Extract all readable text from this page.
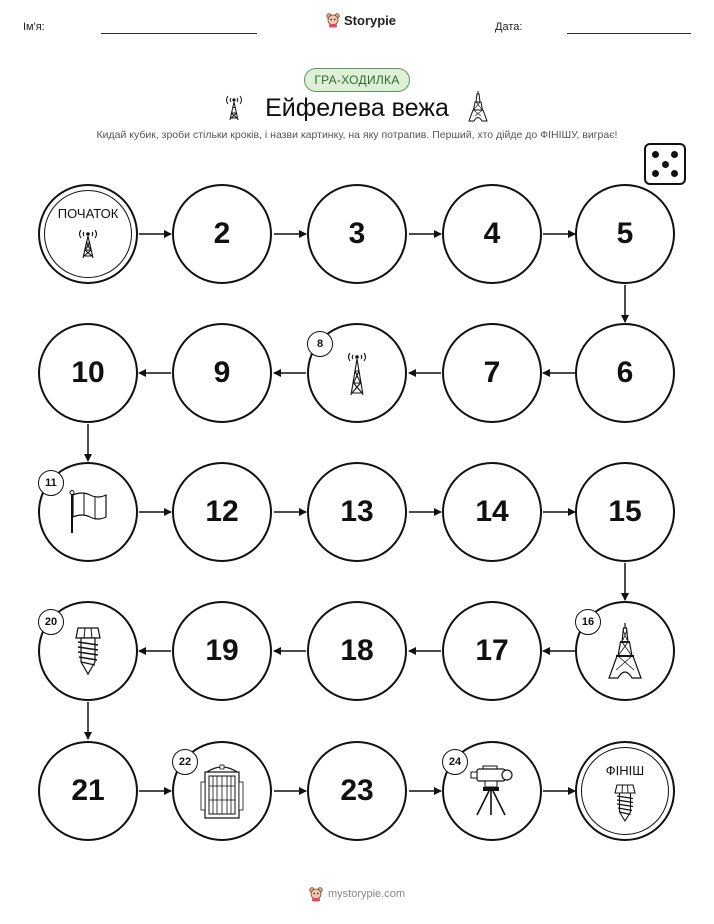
Ім'я:	Storypie	Дата:
ГРА-ХОДИЛКА
Ейфелева вежа
Кидай кубик, зроби стільки кроків, і назви картинку, на яку потрапив. Перший, хто дійде до ФІНІШУ, виграє!
ПОЧАТОК
2	3	4	5
10	9
8
7	6
11
12	13	14	15
20
19	18	17
16
21
22
23
24
ФІНІШ
mystorypie.com
